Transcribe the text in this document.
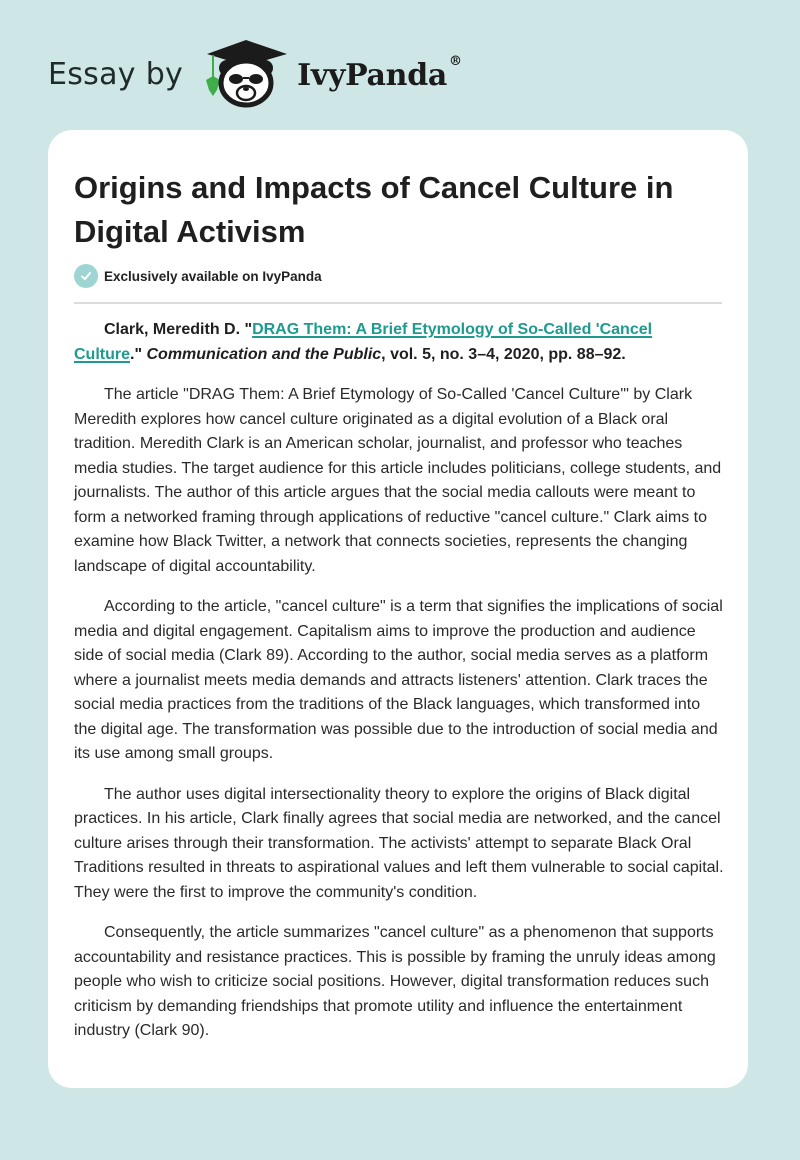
Essay by	IvyPanda ®
Origins and Impacts of Cancel Culture in Digital Activism
Exclusively available on IvyPanda

Clark, Meredith D. "DRAG Them: A Brief Etymology of So-Called 'Cancel Culture." Communication and the Public, vol. 5, no. 3–4, 2020, pp. 88–92.

The article "DRAG Them: A Brief Etymology of So-Called 'Cancel Culture'" by Clark Meredith explores how cancel culture originated as a digital evolution of a Black oral tradition. Meredith Clark is an American scholar, journalist, and professor who teaches media studies. The target audience for this article includes politicians, college students, and journalists. The author of this article argues that the social media callouts were meant to form a networked framing through applications of reductive "cancel culture." Clark aims to examine how Black Twitter, a network that connects societies, represents the changing landscape of digital accountability.

According to the article, "cancel culture" is a term that signifies the implications of social media and digital engagement. Capitalism aims to improve the production and audience side of social media (Clark 89). According to the author, social media serves as a platform where a journalist meets media demands and attracts listeners' attention. Clark traces the social media practices from the traditions of the Black languages, which transformed into the digital age. The transformation was possible due to the introduction of social media and its use among small groups.

The author uses digital intersectionality theory to explore the origins of Black digital practices. In his article, Clark finally agrees that social media are networked, and the cancel culture arises through their transformation. The activists' attempt to separate Black Oral Traditions resulted in threats to aspirational values and left them vulnerable to social capital. They were the first to improve the community's condition.

Consequently, the article summarizes "cancel culture" as a phenomenon that supports accountability and resistance practices. This is possible by framing the unruly ideas among people who wish to criticize social positions. However, digital transformation reduces such criticism by demanding friendships that promote utility and influence the entertainment industry (Clark 90).
